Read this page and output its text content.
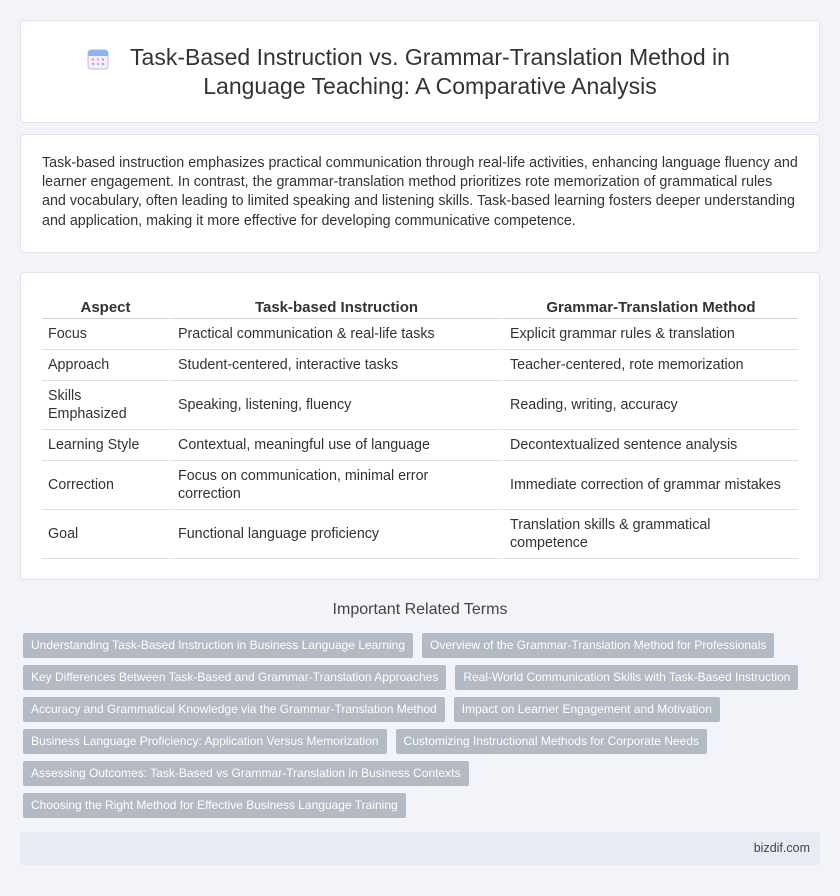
Task-Based Instruction vs. Grammar-Translation Method in Language Teaching: A Comparative Analysis

Task-based instruction emphasizes practical communication through real-life activities, enhancing language fluency and learner engagement. In contrast, the grammar-translation method prioritizes rote memorization of grammatical rules and vocabulary, often leading to limited speaking and listening skills. Task-based learning fosters deeper understanding and application, making it more effective for developing communicative competence.

Aspect	Task-based Instruction	Grammar-Translation Method
Focus	Practical communication & real-life tasks	Explicit grammar rules & translation
Approach	Student-centered, interactive tasks	Teacher-centered, rote memorization
Skills Emphasized	Speaking, listening, fluency	Reading, writing, accuracy
Learning Style	Contextual, meaningful use of language	Decontextualized sentence analysis
Correction	Focus on communication, minimal error correction	Immediate correction of grammar mistakes
Goal	Functional language proficiency	Translation skills & grammatical competence
Important Related Terms
Understanding Task-Based Instruction in Business Language Learning	Overview of the Grammar-Translation Method for Professionals
Key Differences Between Task-Based and Grammar-Translation Approaches	Real-World Communication Skills with Task-Based Instruction
Accuracy and Grammatical Knowledge via the Grammar-Translation Method	Impact on Learner Engagement and Motivation
Business Language Proficiency: Application Versus Memorization	Customizing Instructional Methods for Corporate Needs
Assessing Outcomes: Task-Based vs Grammar-Translation in Business Contexts
Choosing the Right Method for Effective Business Language Training
bizdif.com
